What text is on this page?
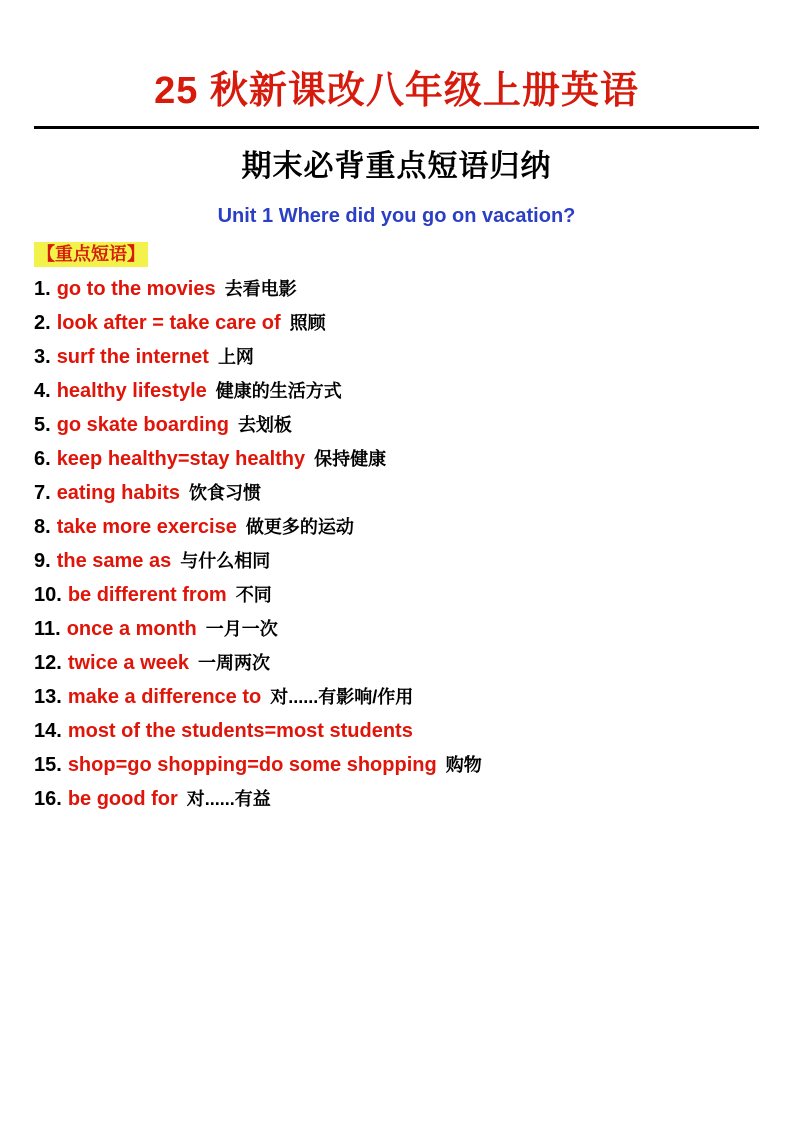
25 秋新课改八年级上册英语
期末必背重点短语归纳
Unit 1 Where did you go on vacation?
【重点短语】
1. go to the movies 去看电影
2. look after = take care of 照顾
3. surf the internet 上网
4. healthy lifestyle 健康的生活方式
5. go skate boarding 去划板
6. keep healthy=stay healthy 保持健康
7. eating habits 饮食习惯
8. take more exercise 做更多的运动
9. the same as 与什么相同
10. be different from 不同
11. once a month 一月一次
12. twice a week 一周两次
13. make a difference to 对......有影响/作用
14. most of the students=most students
15. shop=go shopping=do some shopping 购物
16. be good for 对......有益
